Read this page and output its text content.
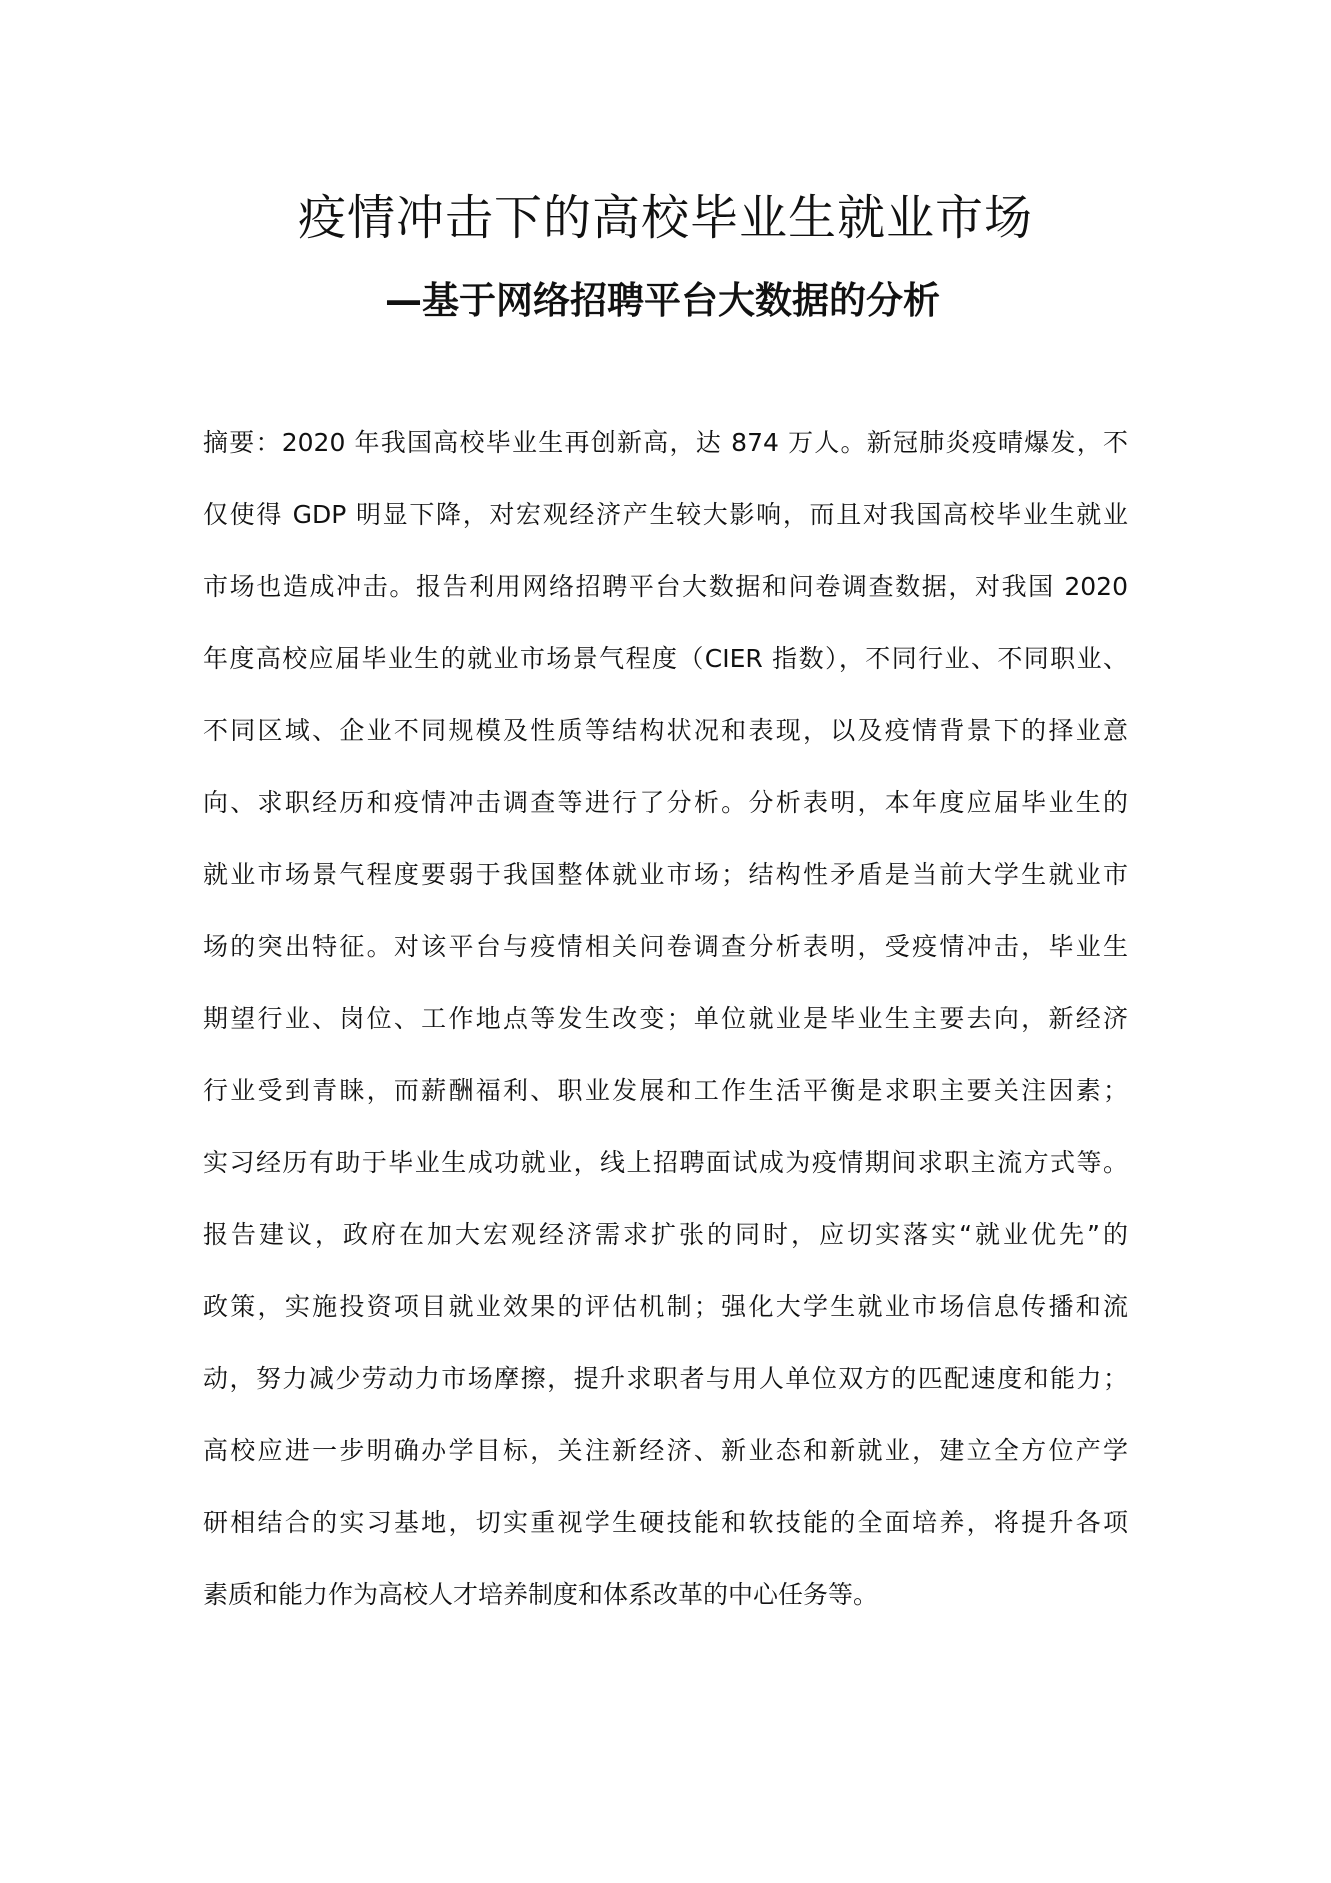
疫情冲击下的高校毕业生就业市场
—基于网络招聘平台大数据的分析
摘要：2020 年我国高校毕业生再创新高，达 874 万人。新冠肺炎疫晴爆发，不
仅使得 GDP 明显下降，对宏观经济产生较大影响，而且对我国高校毕业生就业
市场也造成冲击。报告利用网络招聘平台大数据和问卷调查数据，对我国 2020
年度高校应届毕业生的就业市场景气程度（CIER 指数），不同行业、不同职业、
不同区域、企业不同规模及性质等结构状况和表现，以及疫情背景下的择业意
向、求职经历和疫情冲击调查等进行了分析。分析表明，本年度应届毕业生的
就业市场景气程度要弱于我国整体就业市场；结构性矛盾是当前大学生就业市
场的突出特征。对该平台与疫情相关问卷调查分析表明，受疫情冲击，毕业生
期望行业、岗位、工作地点等发生改变；单位就业是毕业生主要去向，新经济
行业受到青睐，而薪酬福利、职业发展和工作生活平衡是求职主要关注因素；
实习经历有助于毕业生成功就业，线上招聘面试成为疫情期间求职主流方式等。
报告建议，政府在加大宏观经济需求扩张的同时，应切实落实“就业优先”的
政策，实施投资项目就业效果的评估机制；强化大学生就业市场信息传播和流
动，努力减少劳动力市场摩擦，提升求职者与用人单位双方的匹配速度和能力；
高校应进一步明确办学目标，关注新经济、新业态和新就业，建立全方位产学
研相结合的实习基地，切实重视学生硬技能和软技能的全面培养，将提升各项
素质和能力作为高校人才培养制度和体系改革的中心任务等。
